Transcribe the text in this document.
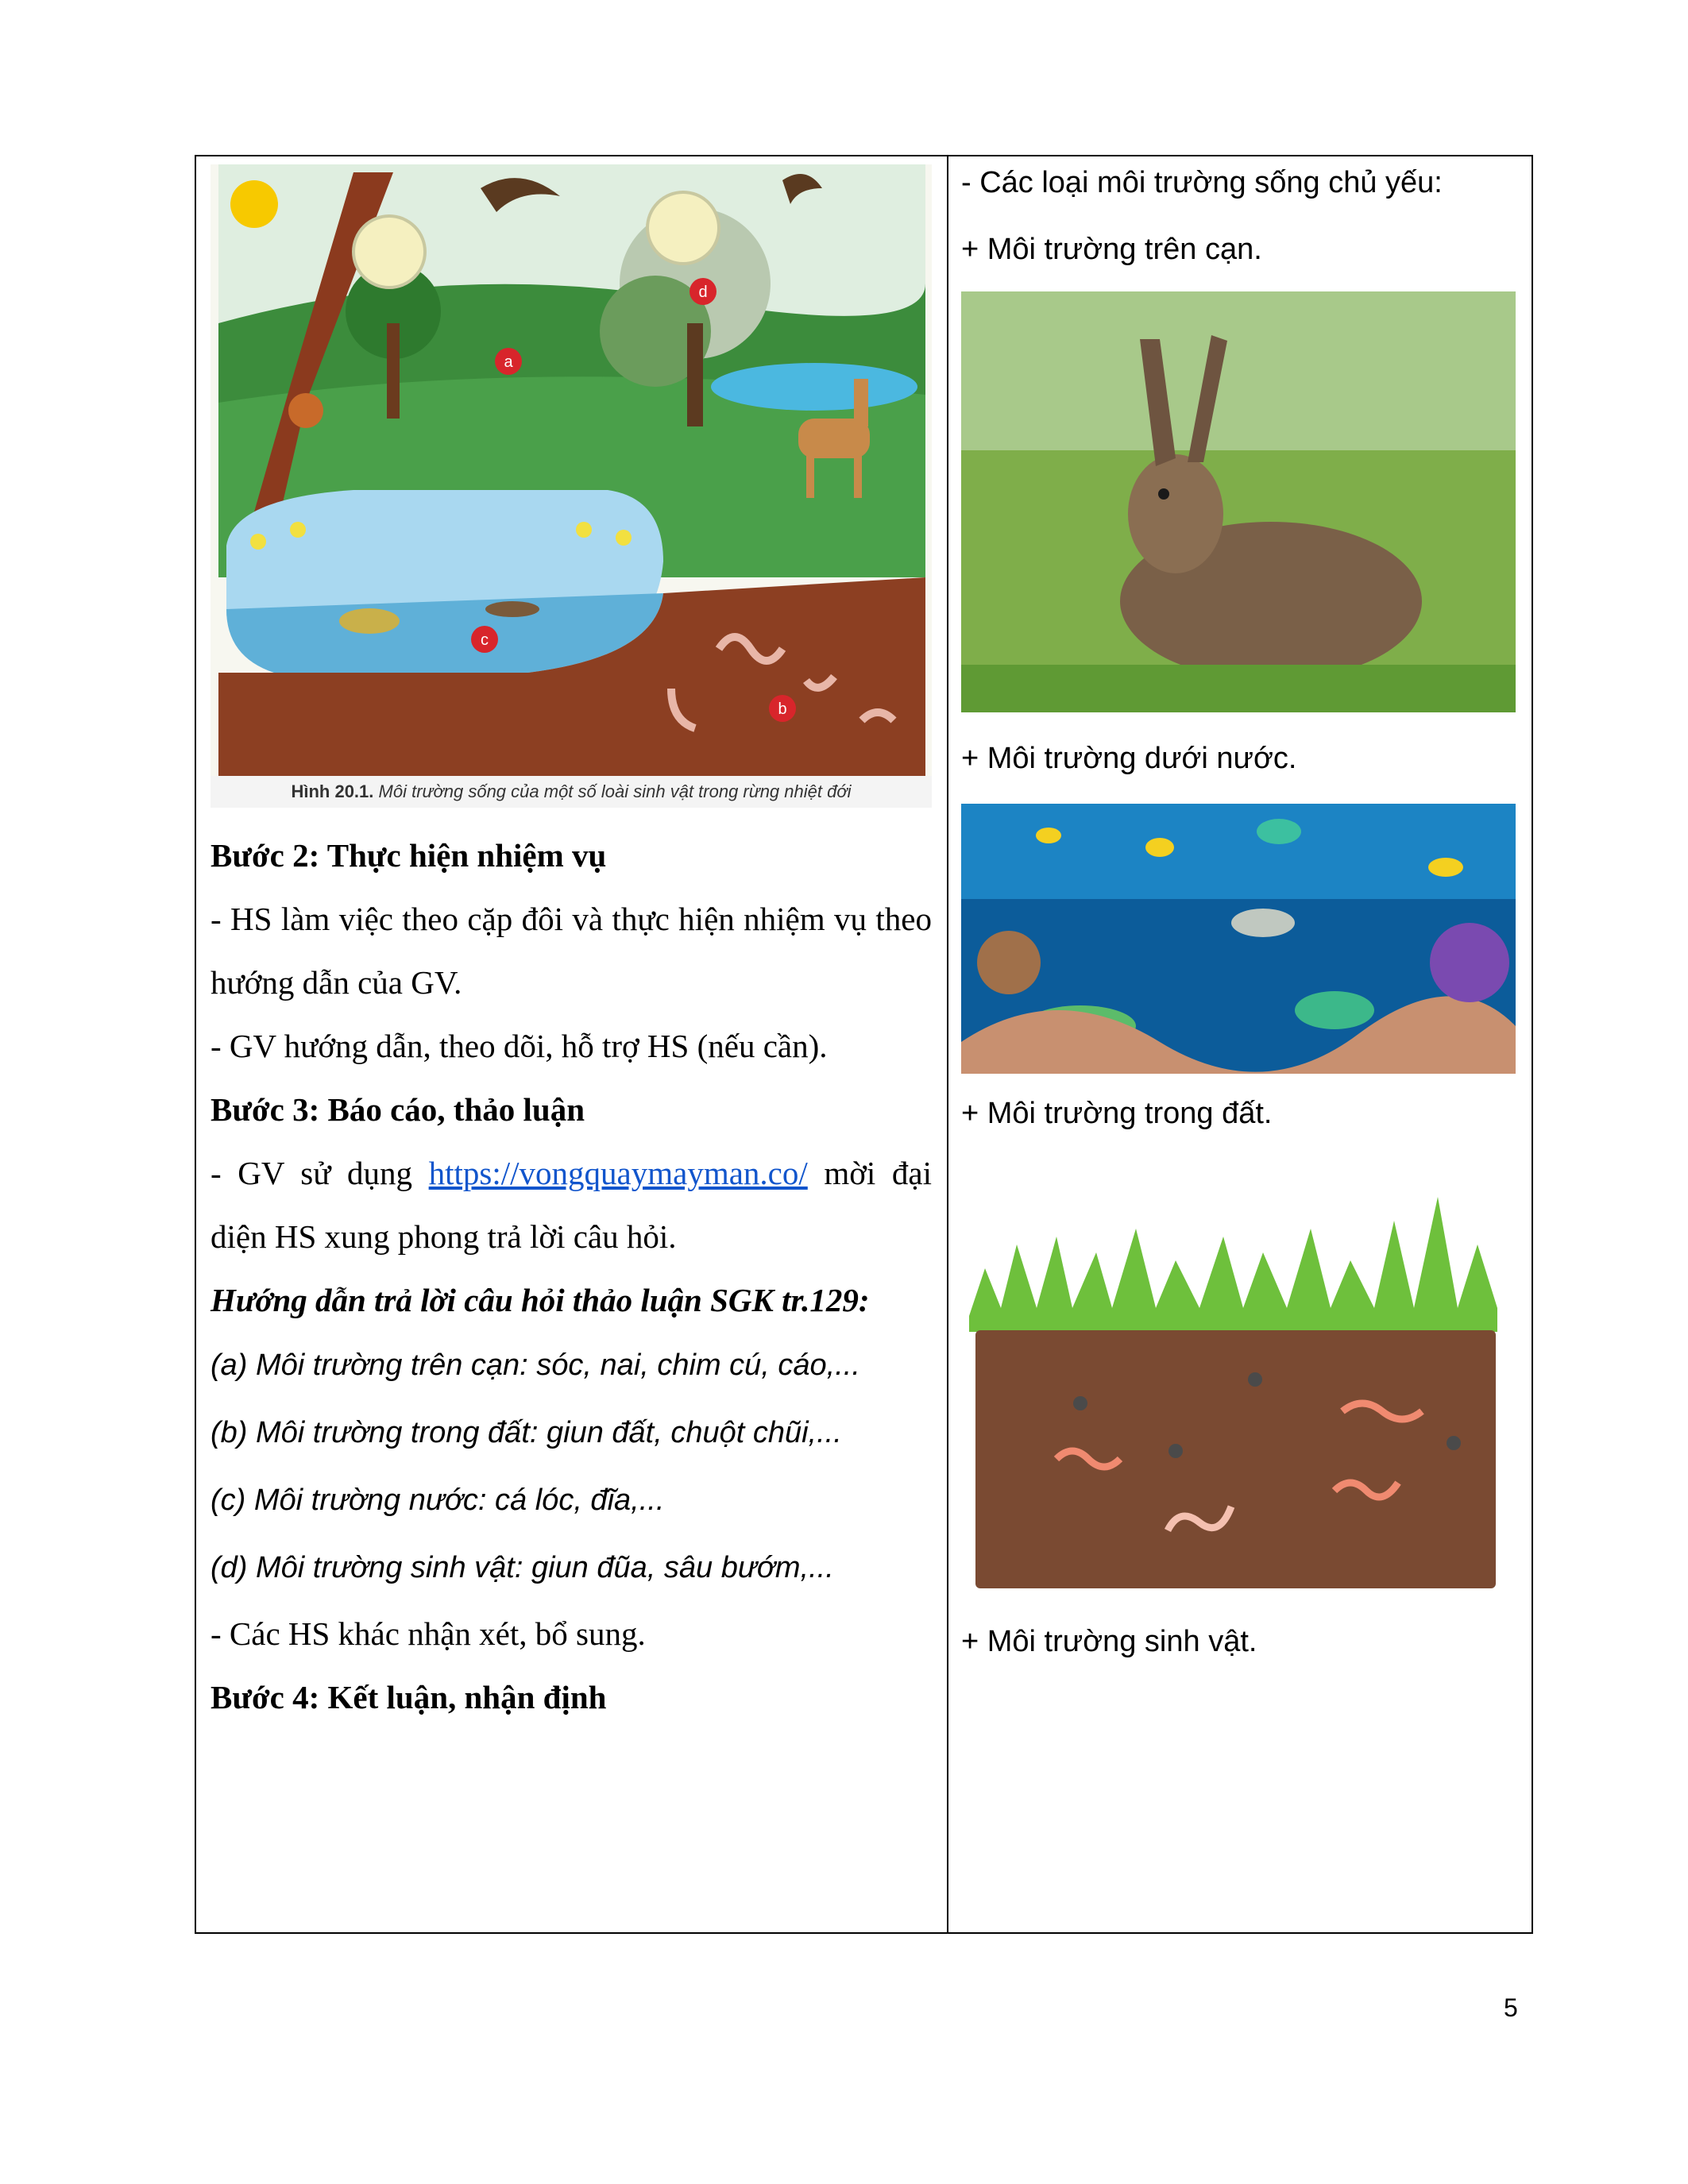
a
b
c
d
Hình 20.1. Môi trường sống của một số loài sinh vật trong rừng nhiệt đới

Bước 2: Thực hiện nhiệm vụ

- HS làm việc theo cặp đôi và thực hiện nhiệm vụ theo hướng dẫn của GV.

- GV hướng dẫn, theo dõi, hỗ trợ HS (nếu cần).

Bước 3: Báo cáo, thảo luận

- GV sử dụng https://vongquaymayman.co/ mời đại diện HS xung phong trả lời câu hỏi.

Hướng dẫn trả lời câu hỏi thảo luận SGK tr.129:

(a) Môi trường trên cạn: sóc, nai, chim cú, cáo,...

(b) Môi trường trong đất: giun đất, chuột chũi,...

(c) Môi trường nước: cá lóc, đĩa,...

(d) Môi trường sinh vật: giun đũa, sâu bướm,...

- Các HS khác nhận xét, bổ sung.

Bước 4: Kết luận, nhận định

- Các loại môi trường sống chủ yếu:

+ Môi trường trên cạn.

+ Môi trường dưới nước.

+ Môi trường trong đất.

+ Môi trường sinh vật.

5
